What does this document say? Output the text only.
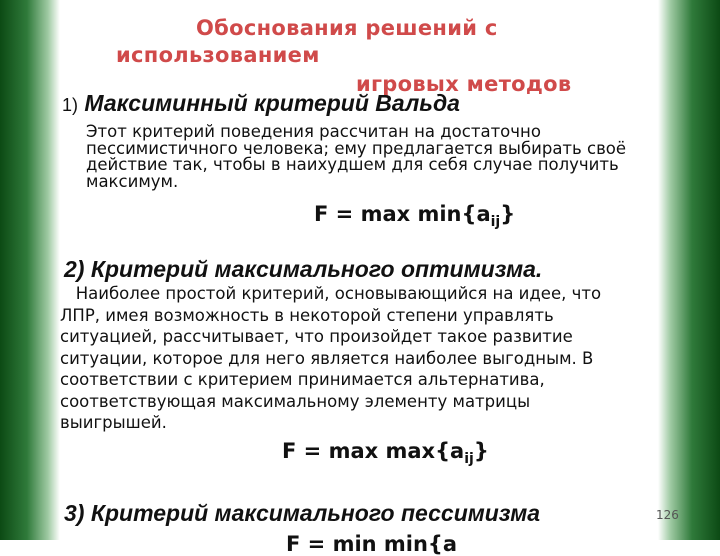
Обоснования решений с

использованием

игровых методов

1) Максиминный критерий Вальда
Этот критерий поведения рассчитан на достаточно
пессимистичного человека; ему предлагается выбирать своё
действие так, чтобы в наихудшем для себя случае получить
максимум.
$F = \max \min\{a_{ij}\}$

2) Критерий максимального оптимизма.

Наиболее простой критерий, основывающийся на идее, что
ЛПР, имея возможность в некоторой степени управлять
ситуацией, рассчитывает, что произойдет такое развитие
ситуации, которое для него является наиболее выгодным. В
соответствии с критерием принимается альтернатива,
соответствующая максимальному элементу матрицы
выигрышей.
$F = \max \max\{a_{ij}\}$

3) Критерий максимального пессимизма

F = min min{a

126
